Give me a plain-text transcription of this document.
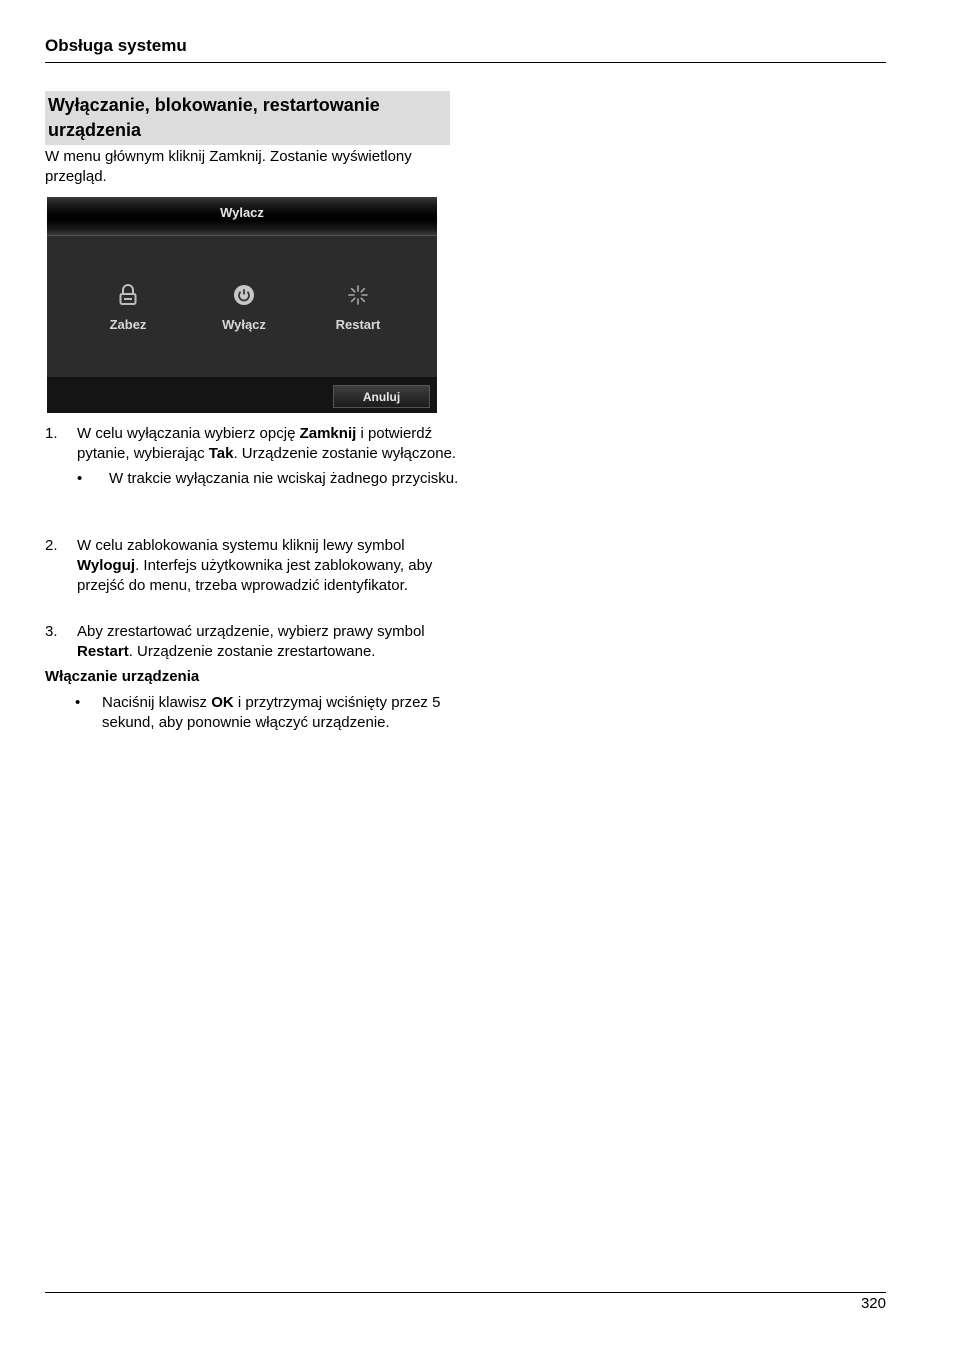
Obsługa systemu
Wyłączanie, blokowanie, restartowanie urządzenia
W menu głównym kliknij Zamknij. Zostanie wyświetlony przegląd.
Wylacz
Zabez	Wyłącz	Restart
Anuluj
1.	W celu wyłączania wybierz opcję Zamknij i potwierdź pytanie, wybierając Tak. Urządzenie zostanie wyłączone.
• W trakcie wyłączania nie wciskaj żadnego przycisku.
2.	W celu zablokowania systemu kliknij lewy symbol Wyloguj. Interfejs użytkownika jest zablokowany, aby przejść do menu, trzeba wprowadzić identyfikator.
3.	Aby zrestartować urządzenie, wybierz prawy symbol Restart. Urządzenie zostanie zrestartowane.
Włączanie urządzenia
•	Naciśnij klawisz OK i przytrzymaj wciśnięty przez 5 sekund, aby ponownie włączyć urządzenie.
320
